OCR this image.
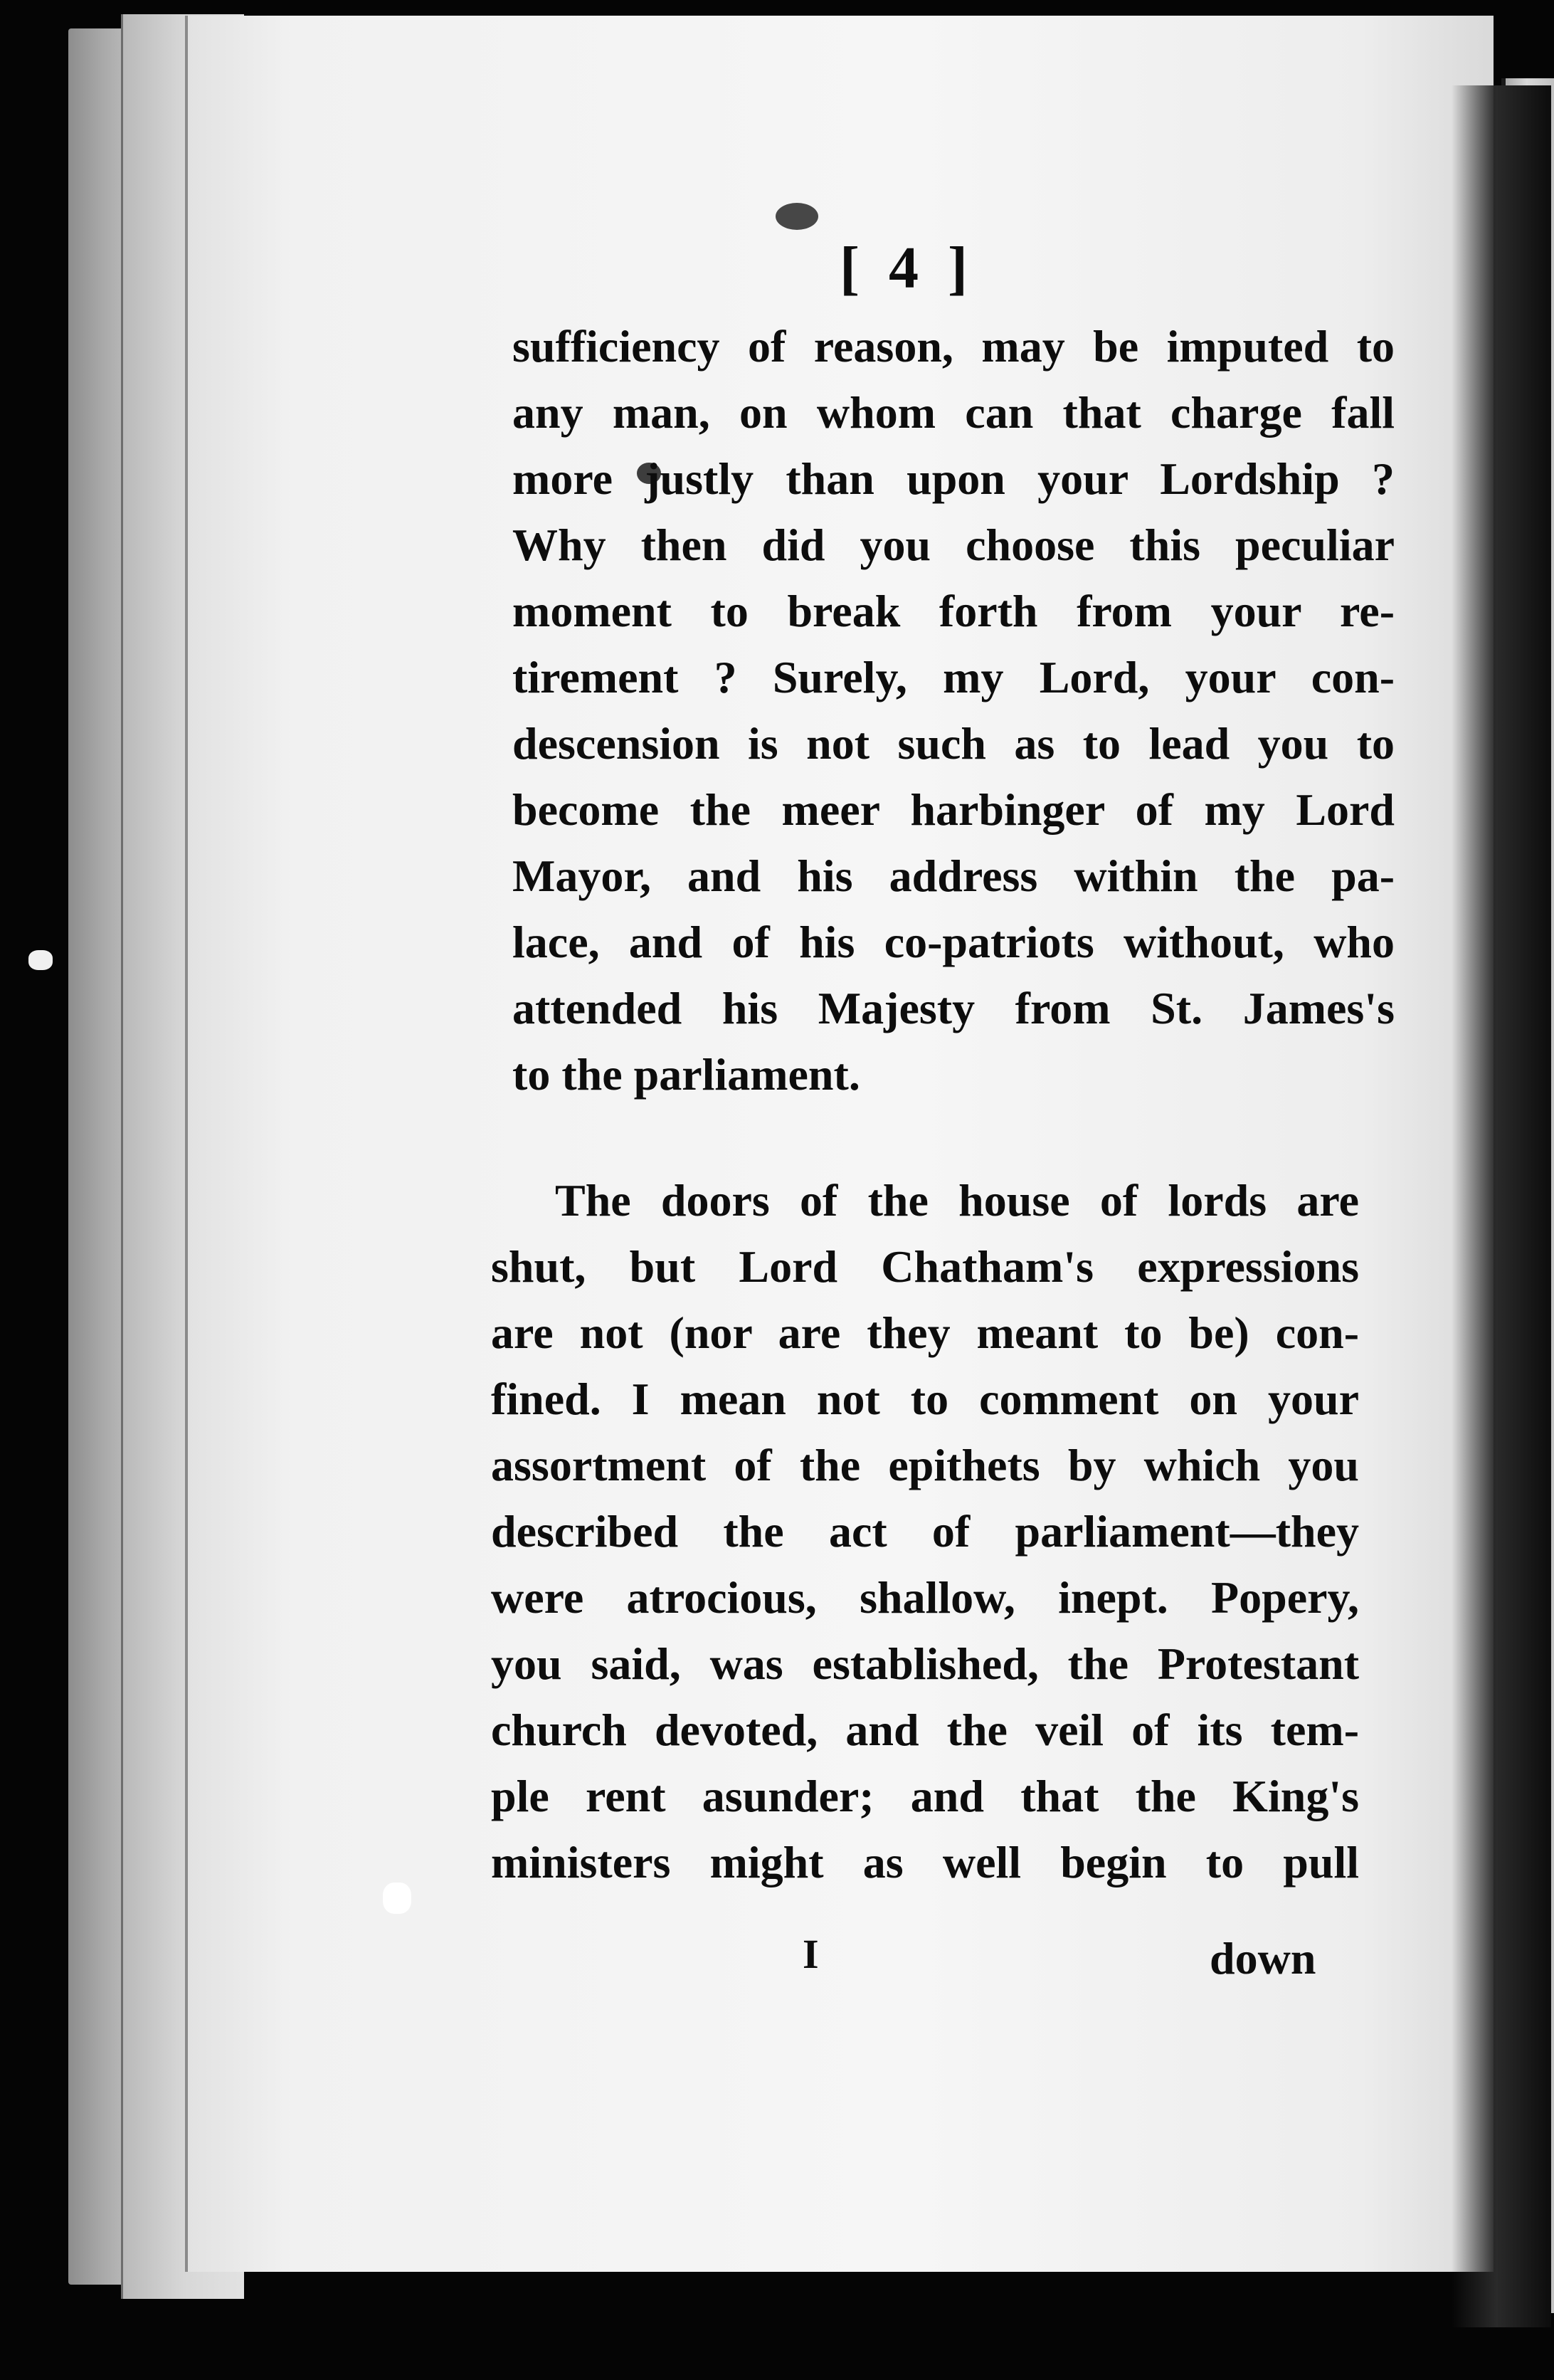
[ 4 ]
sufficiency of reason, may be imputed to
any man, on whom can that charge fall
more justly than upon your Lordship ?
Why then did you choose this peculiar
moment to break forth from your re-
tirement ? Surely, my Lord, your con-
descension is not such as to lead you to
become the meer harbinger of my Lord
Mayor, and his address within the pa-
lace, and of his co-patriots without, who
attended his Majesty from St. James's
to the parliament.
The doors of the house of lords are
shut, but Lord Chatham's expressions
are not (nor are they meant to be) con-
fined. I mean not to comment on your
assortment of the epithets by which you
described the act of parliament—they
were atrocious, shallow, inept. Popery,
you said, was established, the Protestant
church devoted, and the veil of its tem-
ple rent asunder; and that the King's
ministers might as well begin to pull
I	down
